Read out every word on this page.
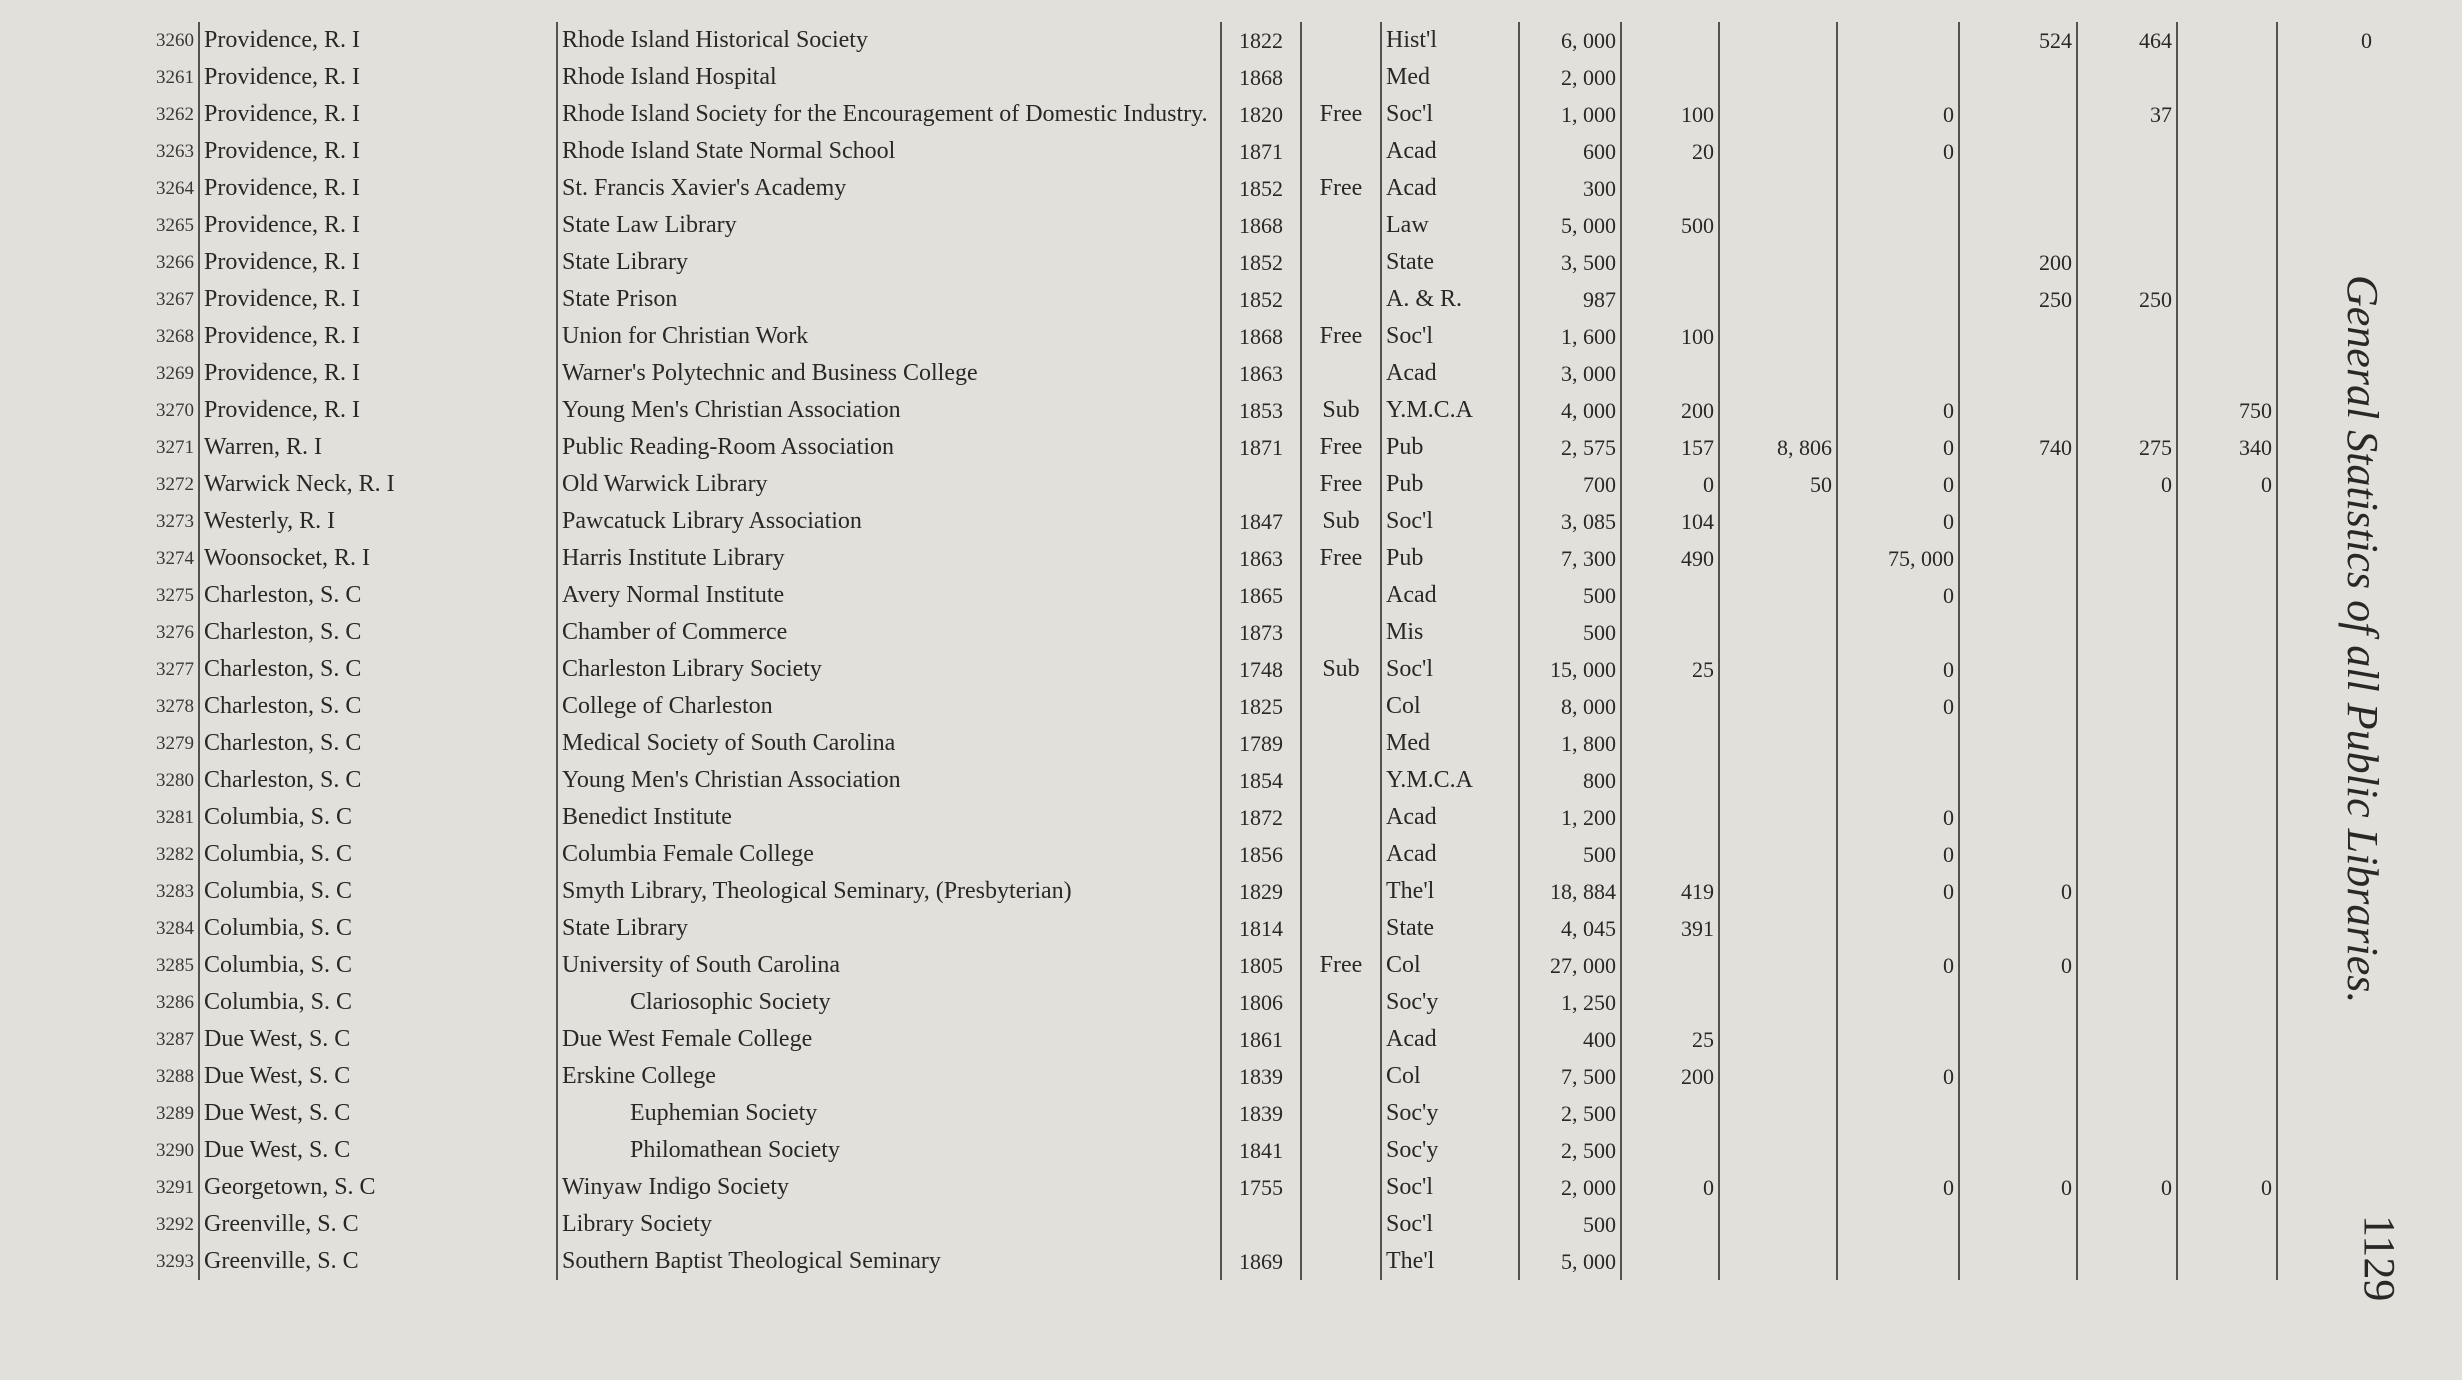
3260	Providence, R. I	Rhode Island Historical Society	1822		Hist'l	6, 000				524	464		0
3261	Providence, R. I	Rhode Island Hospital	1868		Med	2, 000							
3262	Providence, R. I	Rhode Island Society for the Encouragement of Domestic Industry.	1820	Free	Soc'l	1, 000	100		0		37		
3263	Providence, R. I	Rhode Island State Normal School	1871		Acad	600	20		0				
3264	Providence, R. I	St. Francis Xavier's Academy	1852	Free	Acad	300							
3265	Providence, R. I	State Law Library	1868		Law	5, 000	500						
3266	Providence, R. I	State Library	1852		State	3, 500				200			
3267	Providence, R. I	State Prison	1852		A. & R.	987				250	250		
3268	Providence, R. I	Union for Christian Work	1868	Free	Soc'l	1, 600	100						
3269	Providence, R. I	Warner's Polytechnic and Business College	1863		Acad	3, 000							
3270	Providence, R. I	Young Men's Christian Association	1853	Sub	Y.M.C.A	4, 000	200		0			750	
3271	Warren, R. I	Public Reading-Room Association	1871	Free	Pub	2, 575	157	8, 806	0	740	275	340	
3272	Warwick Neck, R. I	Old Warwick Library		Free	Pub	700	0	50	0		0	0	
3273	Westerly, R. I	Pawcatuck Library Association	1847	Sub	Soc'l	3, 085	104		0				
3274	Woonsocket, R. I	Harris Institute Library	1863	Free	Pub	7, 300	490		75, 000				
3275	Charleston, S. C	Avery Normal Institute	1865		Acad	500			0				
3276	Charleston, S. C	Chamber of Commerce	1873		Mis	500							
3277	Charleston, S. C	Charleston Library Society	1748	Sub	Soc'l	15, 000	25		0				
3278	Charleston, S. C	College of Charleston	1825		Col	8, 000			0				
3279	Charleston, S. C	Medical Society of South Carolina	1789		Med	1, 800							
3280	Charleston, S. C	Young Men's Christian Association	1854		Y.M.C.A	800							
3281	Columbia, S. C	Benedict Institute	1872		Acad	1, 200			0				
3282	Columbia, S. C	Columbia Female College	1856		Acad	500			0				
3283	Columbia, S. C	Smyth Library, Theological Seminary, (Presbyterian)	1829		The'l	18, 884	419		0	0			
3284	Columbia, S. C	State Library	1814		State	4, 045	391						
3285	Columbia, S. C	University of South Carolina	1805	Free	Col	27, 000			0	0			
3286	Columbia, S. C	Clariosophic Society	1806		Soc'y	1, 250							
3287	Due West, S. C	Due West Female College	1861		Acad	400	25						
3288	Due West, S. C	Erskine College	1839		Col	7, 500	200		0				
3289	Due West, S. C	Euphemian Society	1839		Soc'y	2, 500							
3290	Due West, S. C	Philomathean Society	1841		Soc'y	2, 500							
3291	Georgetown, S. C	Winyaw Indigo Society	1755		Soc'l	2, 000	0		0	0	0	0	
3292	Greenville, S. C	Library Society			Soc'l	500							
3293	Greenville, S. C	Southern Baptist Theological Seminary	1869		The'l	5, 000							
General Statistics of all Public Libraries.
1129
